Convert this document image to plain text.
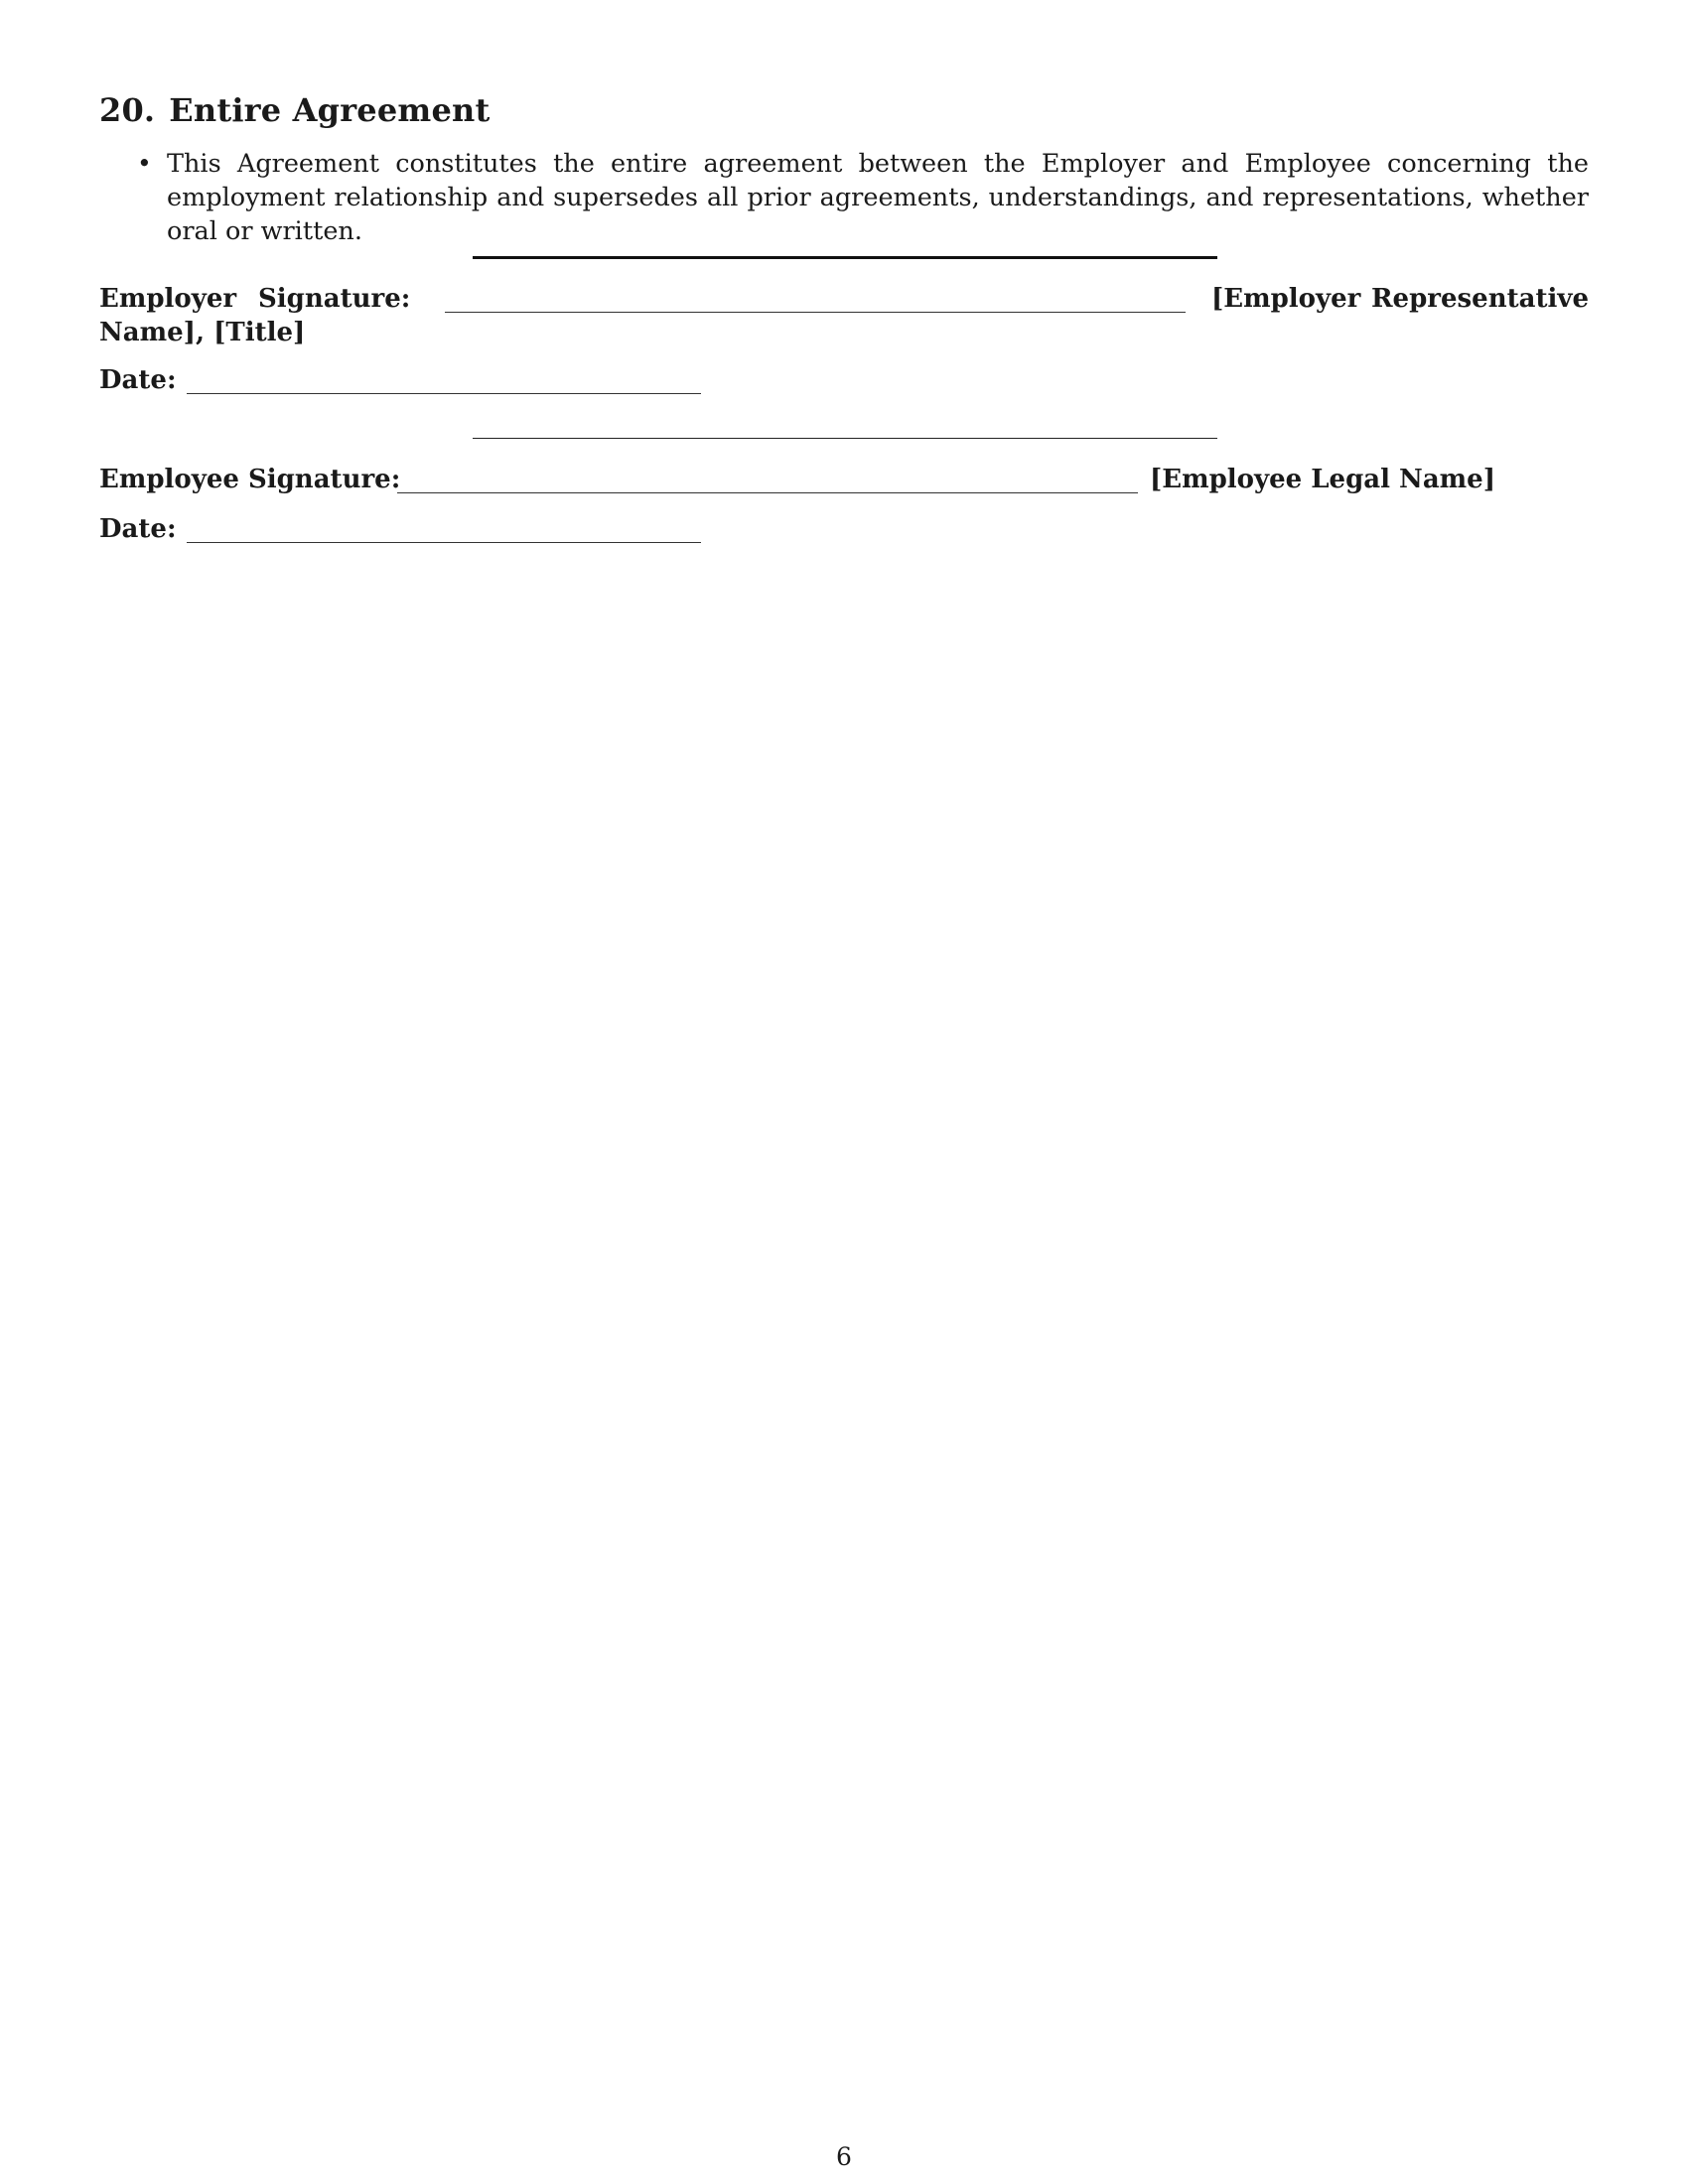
20. Entire Agreement
• This Agreement constitutes the entire agreement between the Employer and Employee concerning the employment relationship and supersedes all prior agreements, understandings, and representations, whether oral or written.
Employer Signature:	[Employer Representative
Name], [Title]
Date:
Employee Signature:	[Employee Legal Name]
Date:
6
